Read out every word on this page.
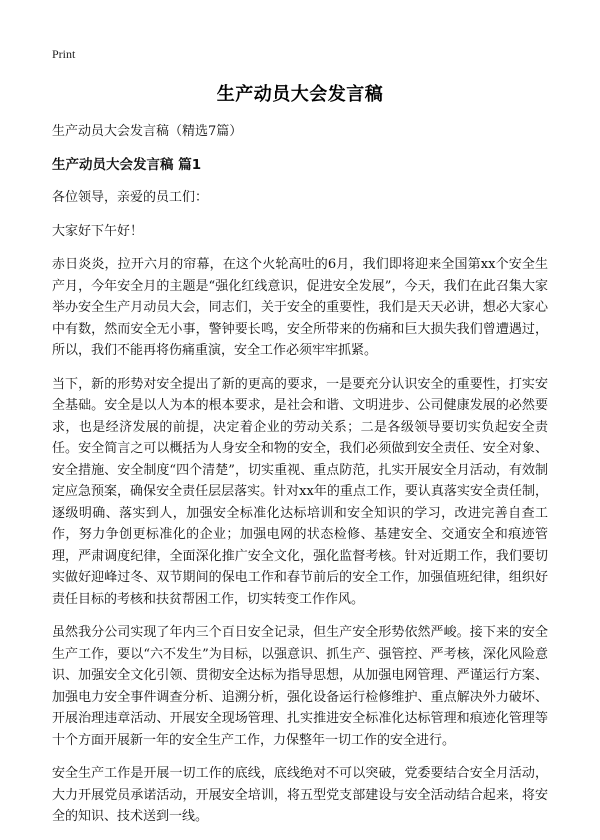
Print
生产动员大会发言稿

生产动员大会发言稿（精选7篇）

生产动员大会发言稿 篇1

各位领导，亲爱的员工们：

大家好下午好！

赤日炎炎，拉开六月的帘幕，在这个火轮高吐的6月，我们即将迎来全国第xx个安全生产月，今年安全月的主题是“强化红线意识，促进安全发展”，今天，我们在此召集大家举办安全生产月动员大会，同志们，关于安全的重要性，我们是天天必讲，想必大家心中有数，然而安全无小事，警钟要长鸣，安全所带来的伤痛和巨大损失我们曾遭遇过，所以，我们不能再将伤痛重演，安全工作必须牢牢抓紧。

当下，新的形势对安全提出了新的更高的要求，一是要充分认识安全的重要性，打实安全基础。安全是以人为本的根本要求，是社会和谐、文明进步、公司健康发展的必然要求，也是经济发展的前提，决定着企业的劳动关系；二是各级领导要切实负起安全责任。安全简言之可以概括为人身安全和物的安全，我们必须做到安全责任、安全对象、安全措施、安全制度“四个清楚”，切实重视、重点防范，扎实开展安全月活动，有效制定应急预案，确保安全责任层层落实。针对xx年的重点工作，要认真落实安全责任制，逐级明确、落实到人，加强安全标准化达标培训和安全知识的学习，改进完善自查工作，努力争创更标准化的企业；加强电网的状态检修、基建安全、交通安全和痕迹管理，严肃调度纪律，全面深化推广安全文化，强化监督考核。针对近期工作，我们要切实做好迎峰过冬、双节期间的保电工作和春节前后的安全工作，加强值班纪律，组织好责任目标的考核和扶贫帮困工作，切实转变工作作风。

虽然我分公司实现了年内三个百日安全记录，但生产安全形势依然严峻。接下来的安全生产工作，要以“六不发生”为目标，以强意识、抓生产、强管控、严考核，深化风险意识、加强安全文化引领、贯彻安全达标为指导思想，从加强电网管理、严谨运行方案、加强电力安全事件调查分析、追溯分析，强化设备运行检修维护、重点解决外力破坏、开展治理违章活动、开展安全现场管理、扎实推进安全标准化达标管理和痕迹化管理等十个方面开展新一年的安全生产工作，力保整年一切工作的安全进行。

安全生产工作是开展一切工作的底线，底线绝对不可以突破，党委要结合安全月活动，大力开展党员承诺活动，开展安全培训，将五型党支部建设与安全活动结合起来，将安全的知识、技术送到一线。
